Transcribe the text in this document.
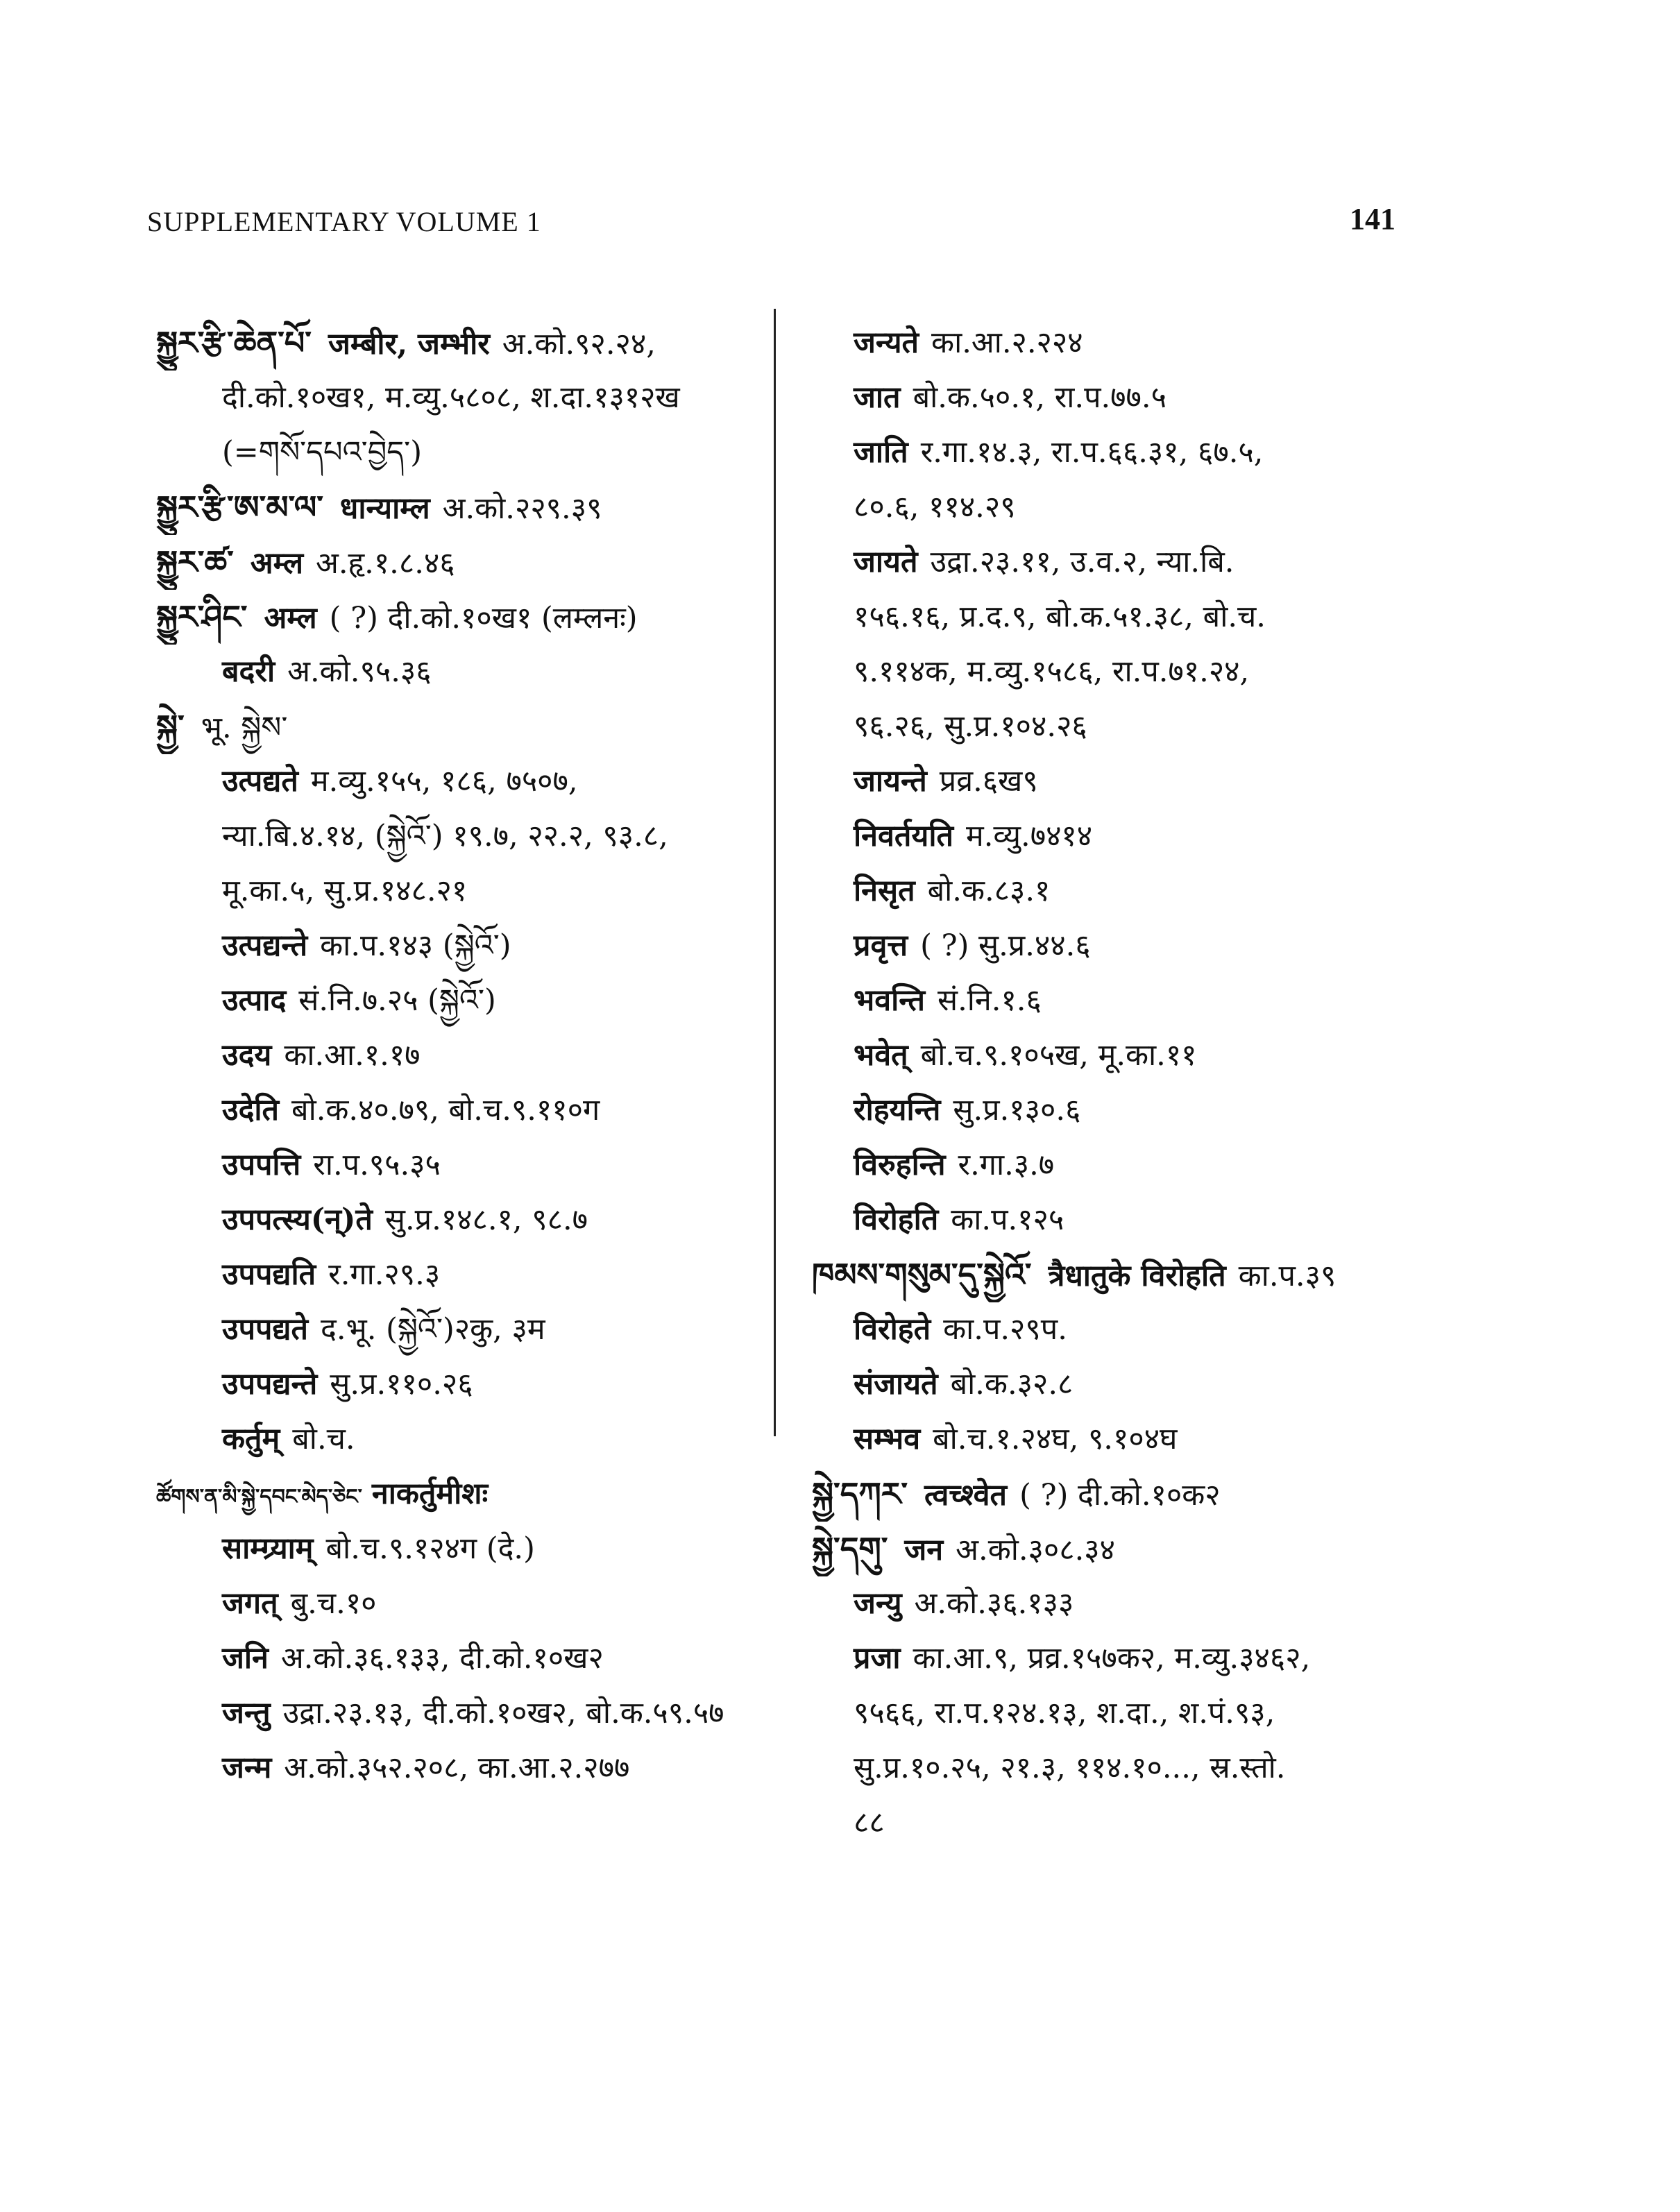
SUPPLEMENTARY VOLUME 1	141
སྐྱུར་རྩི་ཆེན་པོ་ जम्बीर, जम्भीर अ.को.९२.२४,
दी.को.१०ख१, म.व्यु.५८०८, श.दा.१३१२ख
(=གསོ་དཔའ་བྱེད་)
སྐྱུར་རྩི་ཨ་མ་ལ་ धान्याम्ल अ.को.२२९.३९
སྐྱུར་ཚ་ अम्ल अ.हृ.१.८.४६
སྐྱུར་ཤིང་ अम्ल ( ?) दी.को.१०ख१ (लम्लनः)
बदरी अ.को.९५.३६
སྐྱེ་ भू. སྐྱེས་
उत्पद्यते म.व्यु.१५५, १८६, ७५०७,
न्या.बि.४.१४, (སྐྱེའོ་) १९.७, २२.२, ९३.८,
मू.का.५, सु.प्र.१४८.२१
उत्पद्यन्ते का.प.१४३ (སྐྱེའོ་)
उत्पाद सं.नि.७.२५ (སྐྱེའོ་)
उदय का.आ.१.१७
उदेति बो.क.४०.७९, बो.च.९.११०ग
उपपत्ति रा.प.९५.३५
उपपत्स्य(न्)ते सु.प्र.१४८.१, ९८.७
उपपद्यति र.गा.२९.३
उपपद्यते द.भू. (སྐྱེའོ་)२कु, ३म
उपपद्यन्ते सु.प्र.११०.२६
कर्तुम् बो.च.
ཚོགས་ན་མི་སྐྱེ་དབང་མེད་ཅེང་ नाकर्तुमीशः
साम्ग्र्याम् बो.च.९.१२४ग (दे.)
जगत् बु.च.१०
जनि अ.को.३६.१३३, दी.को.१०ख२
जन्तु उद्रा.२३.१३, दी.को.१०ख२, बो.क.५९.५७
जन्म अ.को.३५२.२०८, का.आ.२.२७७
जन्यते का.आ.२.२२४
जात बो.क.५०.१, रा.प.७७.५
जाति र.गा.१४.३, रा.प.६६.३१, ६७.५,
८०.६, ११४.२९
जायते उद्रा.२३.११, उ.व.२, न्या.बि.
१५६.१६, प्र.द.९, बो.क.५१.३८, बो.च.
९.११४क, म.व्यु.१५८६, रा.प.७१.२४,
९६.२६, सु.प्र.१०४.२६
जायन्ते प्रव्र.६ख९
निवर्तयति म.व्यु.७४१४
निसृत बो.क.८३.१
प्रवृत्त ( ?) सु.प्र.४४.६
भवन्ति सं.नि.१.६
भवेत् बो.च.९.१०५ख, मू.का.११
रोहयन्ति सु.प्र.१३०.६
विरुहन्ति र.गा.३.७
विरोहति का.प.१२५
ཁམས་གསུམ་དུ་སྐྱེའོ་ त्रैधातुके विरोहति का.प.३९
विरोहते का.प.२९प.
संजायते बो.क.३२.८
सम्भव बो.च.१.२४घ, ९.१०४घ
སྐྱེ་དཀར་ त्वच्श्वेत ( ?) दी.को.१०क२
སྐྱེ་དགུ་ जन अ.को.३०८.३४
जन्यु अ.को.३६.१३३
प्रजा का.आ.९, प्रव्र.१५७क२, म.व्यु.३४६२,
९५६६, रा.प.१२४.१३, श.दा., श.पं.९३,
सु.प्र.१०.२५, २१.३, ११४.१०..., स्र.स्तो.
८८
